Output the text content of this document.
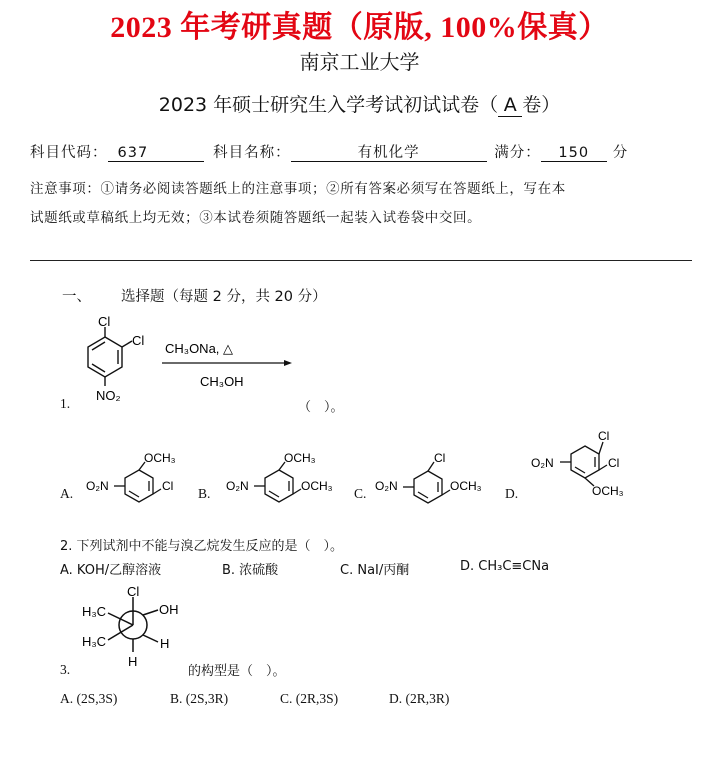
2023 年考研真题（原版, 100%保真）
南京工业大学
2023 年硕士研究生入学考试初试试卷（ A 卷）
科目代码： 637	科目名称：	有机化学	满分： 150 分
注意事项：①请务必阅读答题纸上的注意事项；②所有答案必须写在答题纸上，写在本
试题纸或草稿纸上均无效；③本试卷须随答题纸一起装入试卷袋中交回。
一、 选择题（每题 2 分，共 20 分）
1.
Cl
Cl
NO₂
CH₃ONa, △
CH₃OH
OCH₃
O₂N	Cl
OCH₃
O₂N	OCH₃
Cl
O₂N	OCH₃
Cl
O₂N	Cl
OCH₃
（　）。
A.	B.	C.	D.
2. 下列试剂中不能与溴乙烷发生反应的是（　）。
A. KOH/乙醇溶液	B. 浓硫酸	C. NaI/丙酮	D. CH₃C≡CNa
Cl
H₃C	OH
H₃C	H
H
3.	的构型是（　）。
A. (2S,3S)	B. (2S,3R)	C. (2R,3S)	D. (2R,3R)
